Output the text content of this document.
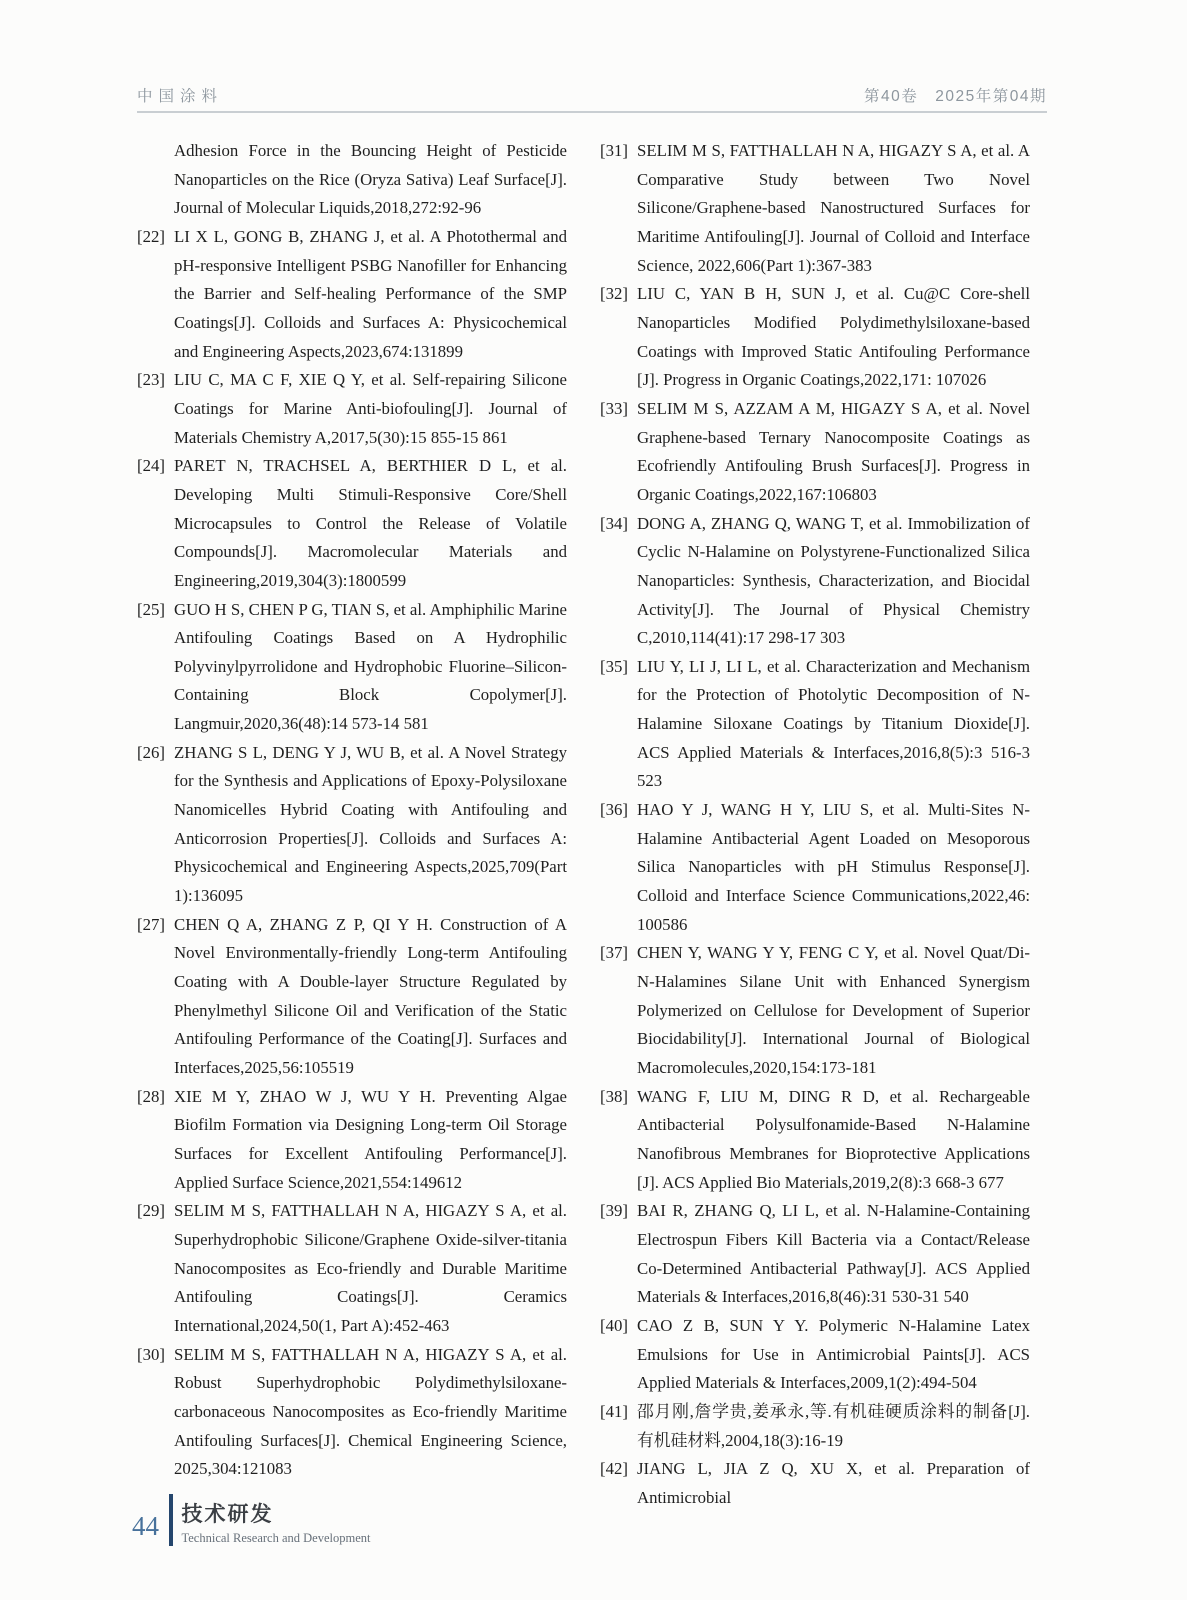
中国涂料	第40卷　2025年第04期
Adhesion Force in the Bouncing Height of Pesticide Nanoparticles on the Rice (Oryza Sativa) Leaf Surface[J]. Journal of Molecular Liquids,2018,272:92-96
[22] LI X L, GONG B, ZHANG J, et al. A Photothermal and pH-responsive Intelligent PSBG Nanofiller for Enhancing the Barrier and Self-healing Performance of the SMP Coatings[J]. Colloids and Surfaces A: Physicochemical and Engineering Aspects,2023,674:131899
[23] LIU C, MA C F, XIE Q Y, et al. Self-repairing Silicone Coatings for Marine Anti-biofouling[J]. Journal of Materials Chemistry A,2017,5(30):15 855-15 861
[24] PARET N, TRACHSEL A, BERTHIER D L, et al. Developing Multi Stimuli-Responsive Core/Shell Microcapsules to Control the Release of Volatile Compounds[J]. Macromolecular Materials and Engineering,2019,304(3):1800599
[25] GUO H S, CHEN P G, TIAN S, et al. Amphiphilic Marine Antifouling Coatings Based on A Hydrophilic Polyvinylpyrrolidone and Hydrophobic Fluorine–Silicon-Containing Block Copolymer[J]. Langmuir,2020,36(48):14 573-14 581
[26] ZHANG S L, DENG Y J, WU B, et al. A Novel Strategy for the Synthesis and Applications of Epoxy-Polysiloxane Nanomicelles Hybrid Coating with Antifouling and Anticorrosion Properties[J]. Colloids and Surfaces A: Physicochemical and Engineering Aspects,2025,709(Part 1):136095
[27] CHEN Q A, ZHANG Z P, QI Y H. Construction of A Novel Environmentally-friendly Long-term Antifouling Coating with A Double-layer Structure Regulated by Phenylmethyl Silicone Oil and Verification of the Static Antifouling Performance of the Coating[J]. Surfaces and Interfaces,2025,56:105519
[28] XIE M Y, ZHAO W J, WU Y H. Preventing Algae Biofilm Formation via Designing Long-term Oil Storage Surfaces for Excellent Antifouling Performance[J]. Applied Surface Science,2021,554:149612
[29] SELIM M S, FATTHALLAH N A, HIGAZY S A, et al. Superhydrophobic Silicone/Graphene Oxide-silver-titania Nanocomposites as Eco-friendly and Durable Maritime Antifouling Coatings[J]. Ceramics International,2024,50(1, Part A):452-463
[30] SELIM M S, FATTHALLAH N A, HIGAZY S A, et al. Robust Superhydrophobic Polydimethylsiloxane-carbonaceous Nanocomposites as Eco-friendly Maritime Antifouling Surfaces[J]. Chemical Engineering Science, 2025,304:121083
[31] SELIM M S, FATTHALLAH N A, HIGAZY S A, et al. A Comparative Study between Two Novel Silicone/Graphene-based Nanostructured Surfaces for Maritime Antifouling[J]. Journal of Colloid and Interface Science, 2022,606(Part 1):367-383
[32] LIU C, YAN B H, SUN J, et al. Cu@C Core-shell Nanoparticles Modified Polydimethylsiloxane-based Coatings with Improved Static Antifouling Performance [J]. Progress in Organic Coatings,2022,171: 107026
[33] SELIM M S, AZZAM A M, HIGAZY S A, et al. Novel Graphene-based Ternary Nanocomposite Coatings as Ecofriendly Antifouling Brush Surfaces[J]. Progress in Organic Coatings,2022,167:106803
[34] DONG A, ZHANG Q, WANG T, et al. Immobilization of Cyclic N-Halamine on Polystyrene-Functionalized Silica Nanoparticles: Synthesis, Characterization, and Biocidal Activity[J]. The Journal of Physical Chemistry C,2010,114(41):17 298-17 303
[35] LIU Y, LI J, LI L, et al. Characterization and Mechanism for the Protection of Photolytic Decomposition of N-Halamine Siloxane Coatings by Titanium Dioxide[J]. ACS Applied Materials & Interfaces,2016,8(5):3 516-3 523
[36] HAO Y J, WANG H Y, LIU S, et al. Multi-Sites N-Halamine Antibacterial Agent Loaded on Mesoporous Silica Nanoparticles with pH Stimulus Response[J]. Colloid and Interface Science Communications,2022,46: 100586
[37] CHEN Y, WANG Y Y, FENG C Y, et al. Novel Quat/Di-N-Halamines Silane Unit with Enhanced Synergism Polymerized on Cellulose for Development of Superior Biocidability[J]. International Journal of Biological Macromolecules,2020,154:173-181
[38] WANG F, LIU M, DING R D, et al. Rechargeable Antibacterial Polysulfonamide-Based N-Halamine Nanofibrous Membranes for Bioprotective Applications [J]. ACS Applied Bio Materials,2019,2(8):3 668-3 677
[39] BAI R, ZHANG Q, LI L, et al. N-Halamine-Containing Electrospun Fibers Kill Bacteria via a Contact/Release Co-Determined Antibacterial Pathway[J]. ACS Applied Materials & Interfaces,2016,8(46):31 530-31 540
[40] CAO Z B, SUN Y Y. Polymeric N-Halamine Latex Emulsions for Use in Antimicrobial Paints[J]. ACS Applied Materials & Interfaces,2009,1(2):494-504
[41] 邵月刚,詹学贵,姜承永,等.有机硅硬质涂料的制备[J]. 有机硅材料,2004,18(3):16-19
[42] JIANG L, JIA Z Q, XU X, et al. Preparation of Antimicrobial
44 技术研发
Technical Research and Development
